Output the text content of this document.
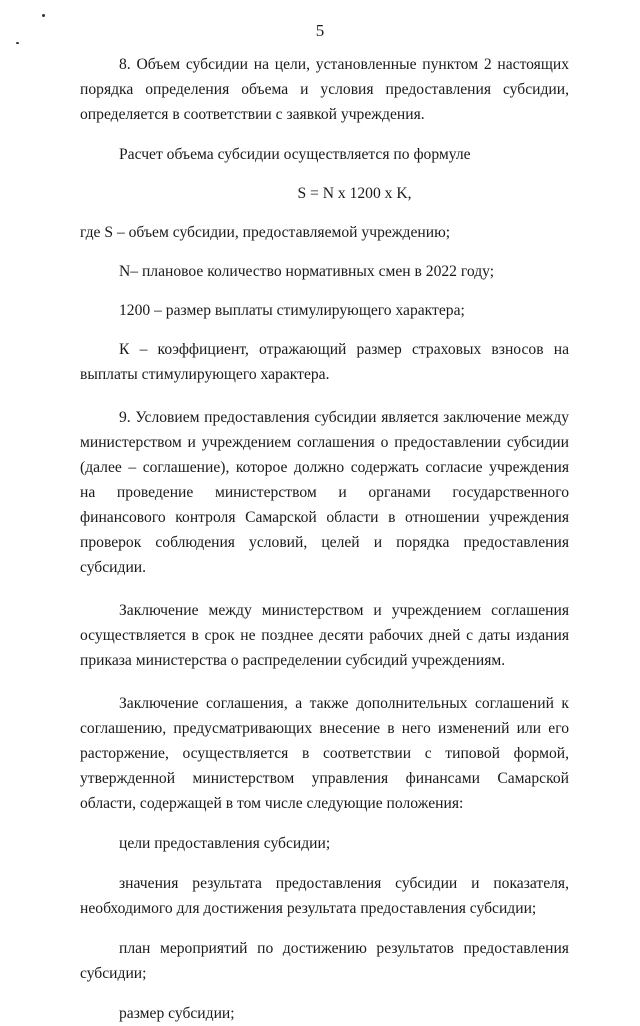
5

8. Объем субсидии на цели, установленные пунктом 2 настоящих порядка определения объема и условия предоставления субсидии, определяется в соответствии с заявкой учреждения.

Расчет объема субсидии осуществляется по формуле

S = N x 1200 x K,

где S – объем субсидии, предоставляемой учреждению;

N– плановое количество нормативных смен в 2022 году;

1200 – размер выплаты стимулирующего характера;

К – коэффициент, отражающий размер страховых взносов на выплаты стимулирующего характера.

9. Условием предоставления субсидии является заключение между министерством и учреждением соглашения о предоставлении субсидии (далее – соглашение), которое должно содержать согласие учреждения на проведение министерством и органами государственного финансового контроля Самарской области в отношении учреждения проверок соблюдения условий, целей и порядка предоставления субсидии.

Заключение между министерством и учреждением соглашения осуществляется в срок не позднее десяти рабочих дней с даты издания приказа министерства о распределении субсидий учреждениям.

Заключение соглашения, а также дополнительных соглашений к соглашению, предусматривающих внесение в него изменений или его расторжение, осуществляется в соответствии с типовой формой, утвержденной министерством управления финансами Самарской области, содержащей в том числе следующие положения:

цели предоставления субсидии;

значения результата предоставления субсидии и показателя, необходимого для достижения результата предоставления субсидии;

план мероприятий по достижению результатов предоставления субсидии;

размер субсидии;
